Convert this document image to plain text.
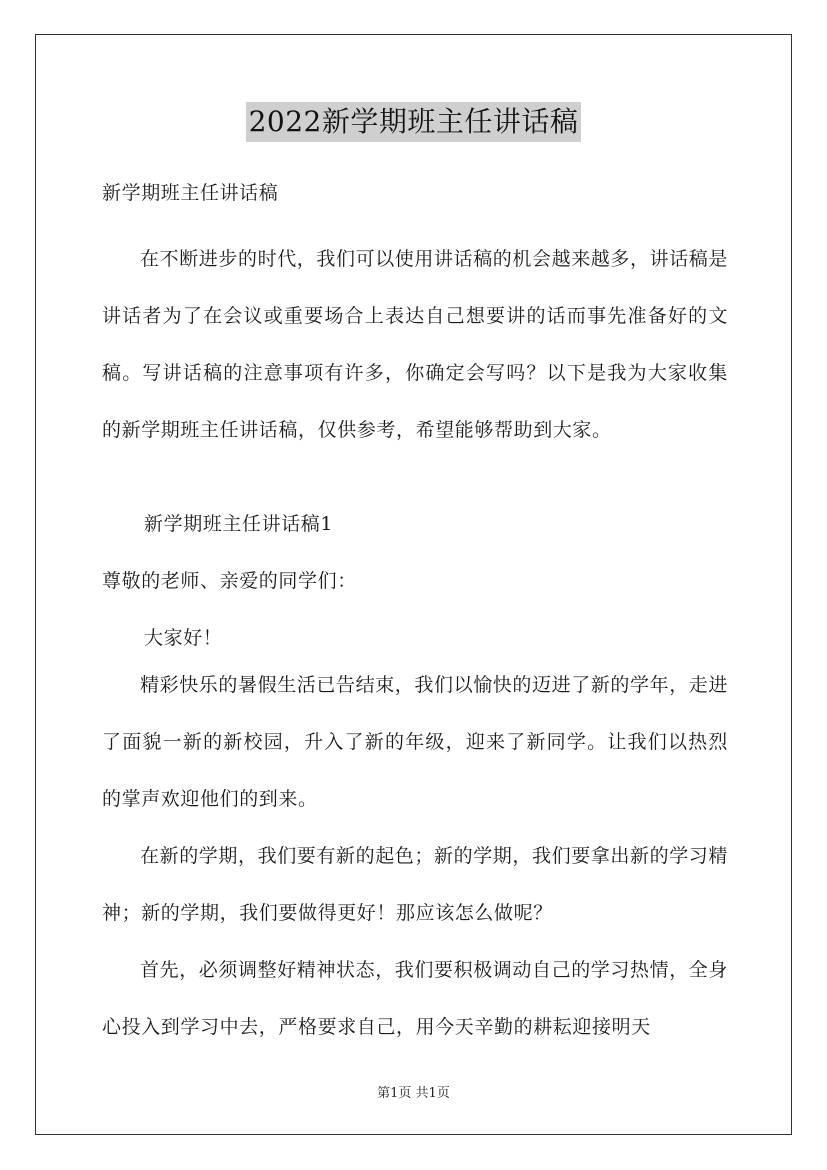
2022新学期班主任讲话稿
新学期班主任讲话稿

在不断进步的时代，我们可以使用讲话稿的机会越来越多，讲话稿是讲话者为了在会议或重要场合上表达自己想要讲的话而事先准备好的文稿。写讲话稿的注意事项有许多，你确定会写吗？以下是我为大家收集的新学期班主任讲话稿，仅供参考，希望能够帮助到大家。

新学期班主任讲话稿1
尊敬的老师、亲爱的同学们：
大家好！

精彩快乐的暑假生活已告结束，我们以愉快的迈进了新的学年，走进了面貌一新的新校园，升入了新的年级，迎来了新同学。让我们以热烈的掌声欢迎他们的到来。

在新的学期，我们要有新的起色；新的学期，我们要拿出新的学习精神；新的学期，我们要做得更好！那应该怎么做呢？

首先，必须调整好精神状态，我们要积极调动自己的学习热情，全身心投入到学习中去，严格要求自己，用今天辛勤的耕耘迎接明天

第1页 共1页
